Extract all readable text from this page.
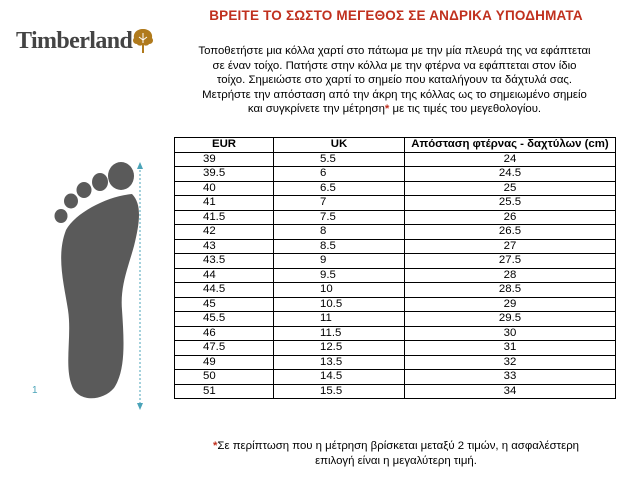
ΒΡΕΙΤΕ ΤΟ ΣΩΣΤΟ ΜΕΓΕΘΟΣ ΣΕ ΑΝΔΡΙΚΑ ΥΠΟΔΗΜΑΤΑ
Timberland	Τοποθετήστε μια κόλλα χαρτί στο πάτωμα με την μία πλευρά της να εφάπτεται

σε έναν τοίχο. Πατήστε στην κόλλα με την φτέρνα να εφάπτεται στον ίδιο

τοίχο. Σημειώστε στο χαρτί το σημείο που καταλήγουν τα δάχτυλά σας.

Μετρήστε την απόσταση από την άκρη της κόλλας ως το σημειωμένο σημείο

και συγκρίνετε την μέτρηση* με τις τιμές του μεγεθολογίου.

1
EUR	UK	Απόσταση φτέρνας - δαχτύλων (cm)
39	5.5	24
39.5	6	24.5
40	6.5	25
41	7	25.5
41.5	7.5	26
42	8	26.5
43	8.5	27
43.5	9	27.5
44	9.5	28
44.5	10	28.5
45	10.5	29
45.5	11	29.5
46	11.5	30
47.5	12.5	31
49	13.5	32
50	14.5	33
51	15.5	34
*Σε περίπτωση που η μέτρηση βρίσκεται μεταξύ 2 τιμών, η ασφαλέστερη
επιλογή είναι η μεγαλύτερη τιμή.
